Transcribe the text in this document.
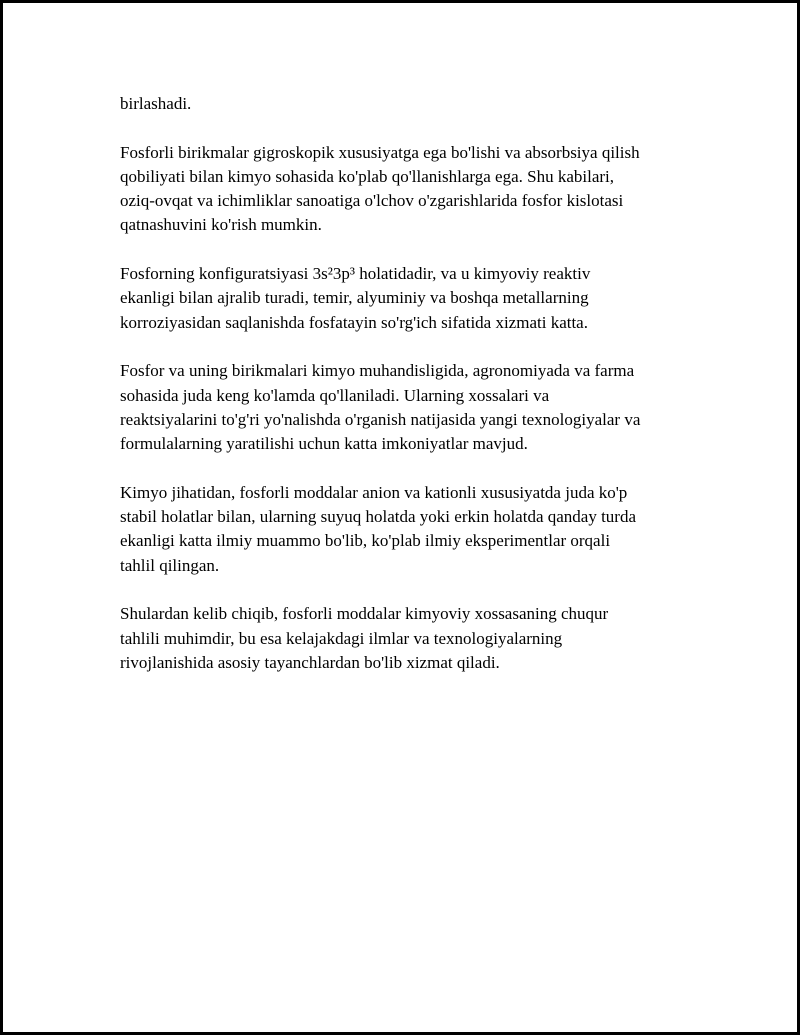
birlashadi.

Fosforli birikmalar gigroskopik xususiyatga ega bo'lishi va absorbsiya qilish
qobiliyati bilan kimyo sohasida ko'plab qo'llanishlarga ega. Shu kabilari,
oziq-ovqat va ichimliklar sanoatiga o'lchov o'zgarishlarida fosfor kislotasi
qatnashuvini ko'rish mumkin.

Fosforning konfiguratsiyasi 3s²3p³ holatidadir, va u kimyoviy reaktiv
ekanligi bilan ajralib turadi, temir, alyuminiy va boshqa metallarning
korroziyasidan saqlanishda fosfatayin so'rg'ich sifatida xizmati katta.

Fosfor va uning birikmalari kimyo muhandisligida, agronomiyada va farma
sohasida juda keng ko'lamda qo'llaniladi. Ularning xossalari va
reaktsiyalarini to'g'ri yo'nalishda o'rganish natijasida yangi texnologiyalar va
formulalarning yaratilishi uchun katta imkoniyatlar mavjud.

Kimyo jihatidan, fosforli moddalar anion va kationli xususiyatda juda ko'p
stabil holatlar bilan, ularning suyuq holatda yoki erkin holatda qanday turda
ekanligi katta ilmiy muammo bo'lib, ko'plab ilmiy eksperimentlar orqali
tahlil qilingan.

Shulardan kelib chiqib, fosforli moddalar kimyoviy xossasaning chuqur
tahlili muhimdir, bu esa kelajakdagi ilmlar va texnologiyalarning
rivojlanishida asosiy tayanchlardan bo'lib xizmat qiladi.
